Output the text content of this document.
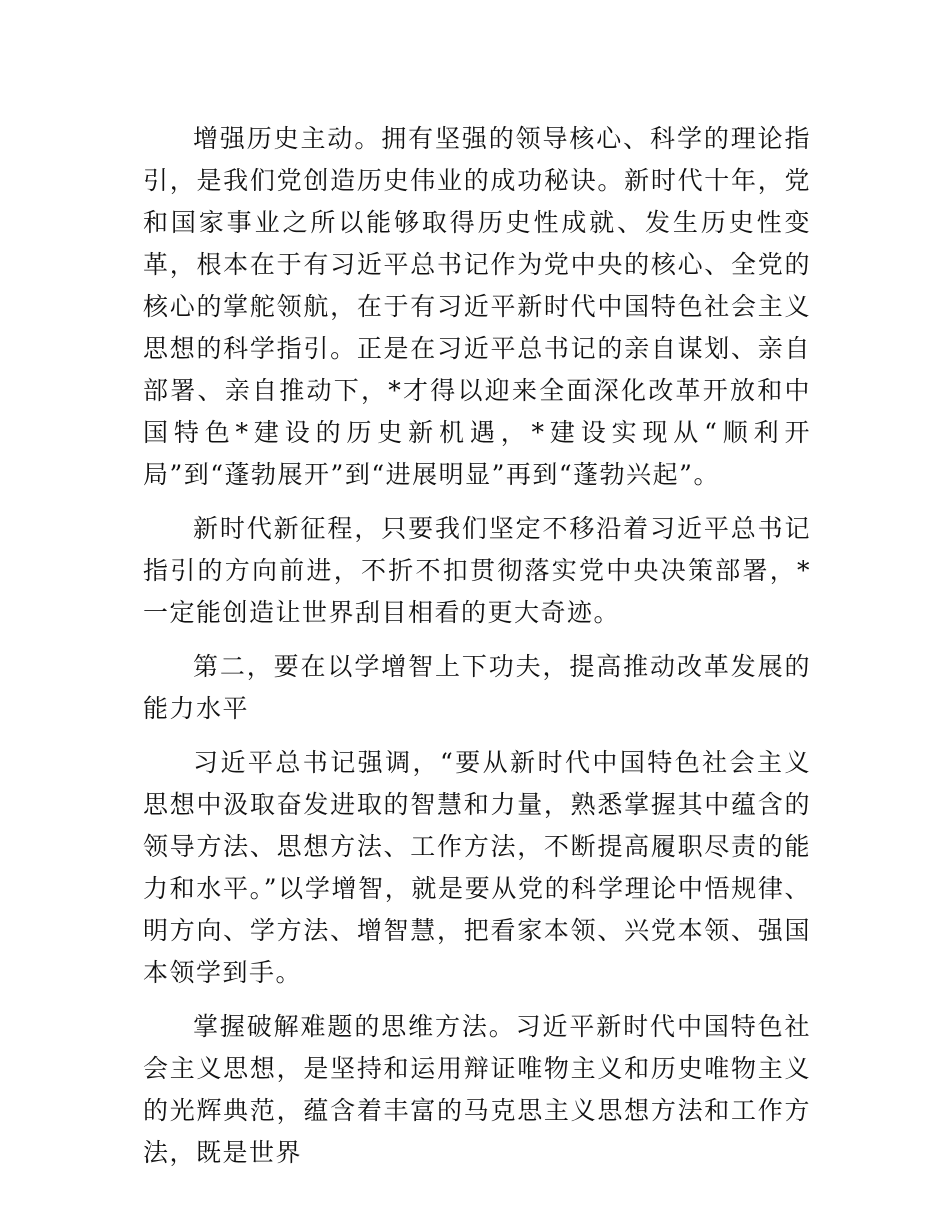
增强历史主动。拥有坚强的领导核心、科学的理论指引，是我们党创造历史伟业的成功秘诀。新时代十年，党和国家事业之所以能够取得历史性成就、发生历史性变革，根本在于有习近平总书记作为党中央的核心、全党的核心的掌舵领航，在于有习近平新时代中国特色社会主义思想的科学指引。正是在习近平总书记的亲自谋划、亲自部署、亲自推动下，*才得以迎来全面深化改革开放和中国特色*建设的历史新机遇，*建设实现从“顺利开局”到“蓬勃展开”到“进展明显”再到“蓬勃兴起”。

新时代新征程，只要我们坚定不移沿着习近平总书记指引的方向前进，不折不扣贯彻落实党中央决策部署，*一定能创造让世界刮目相看的更大奇迹。

第二，要在以学增智上下功夫，提高推动改革发展的能力水平

习近平总书记强调，“要从新时代中国特色社会主义思想中汲取奋发进取的智慧和力量，熟悉掌握其中蕴含的领导方法、思想方法、工作方法，不断提高履职尽责的能力和水平。”以学增智，就是要从党的科学理论中悟规律、明方向、学方法、增智慧，把看家本领、兴党本领、强国本领学到手。

掌握破解难题的思维方法。习近平新时代中国特色社会主义思想，是坚持和运用辩证唯物主义和历史唯物主义的光辉典范，蕴含着丰富的马克思主义思想方法和工作方法，既是世界
